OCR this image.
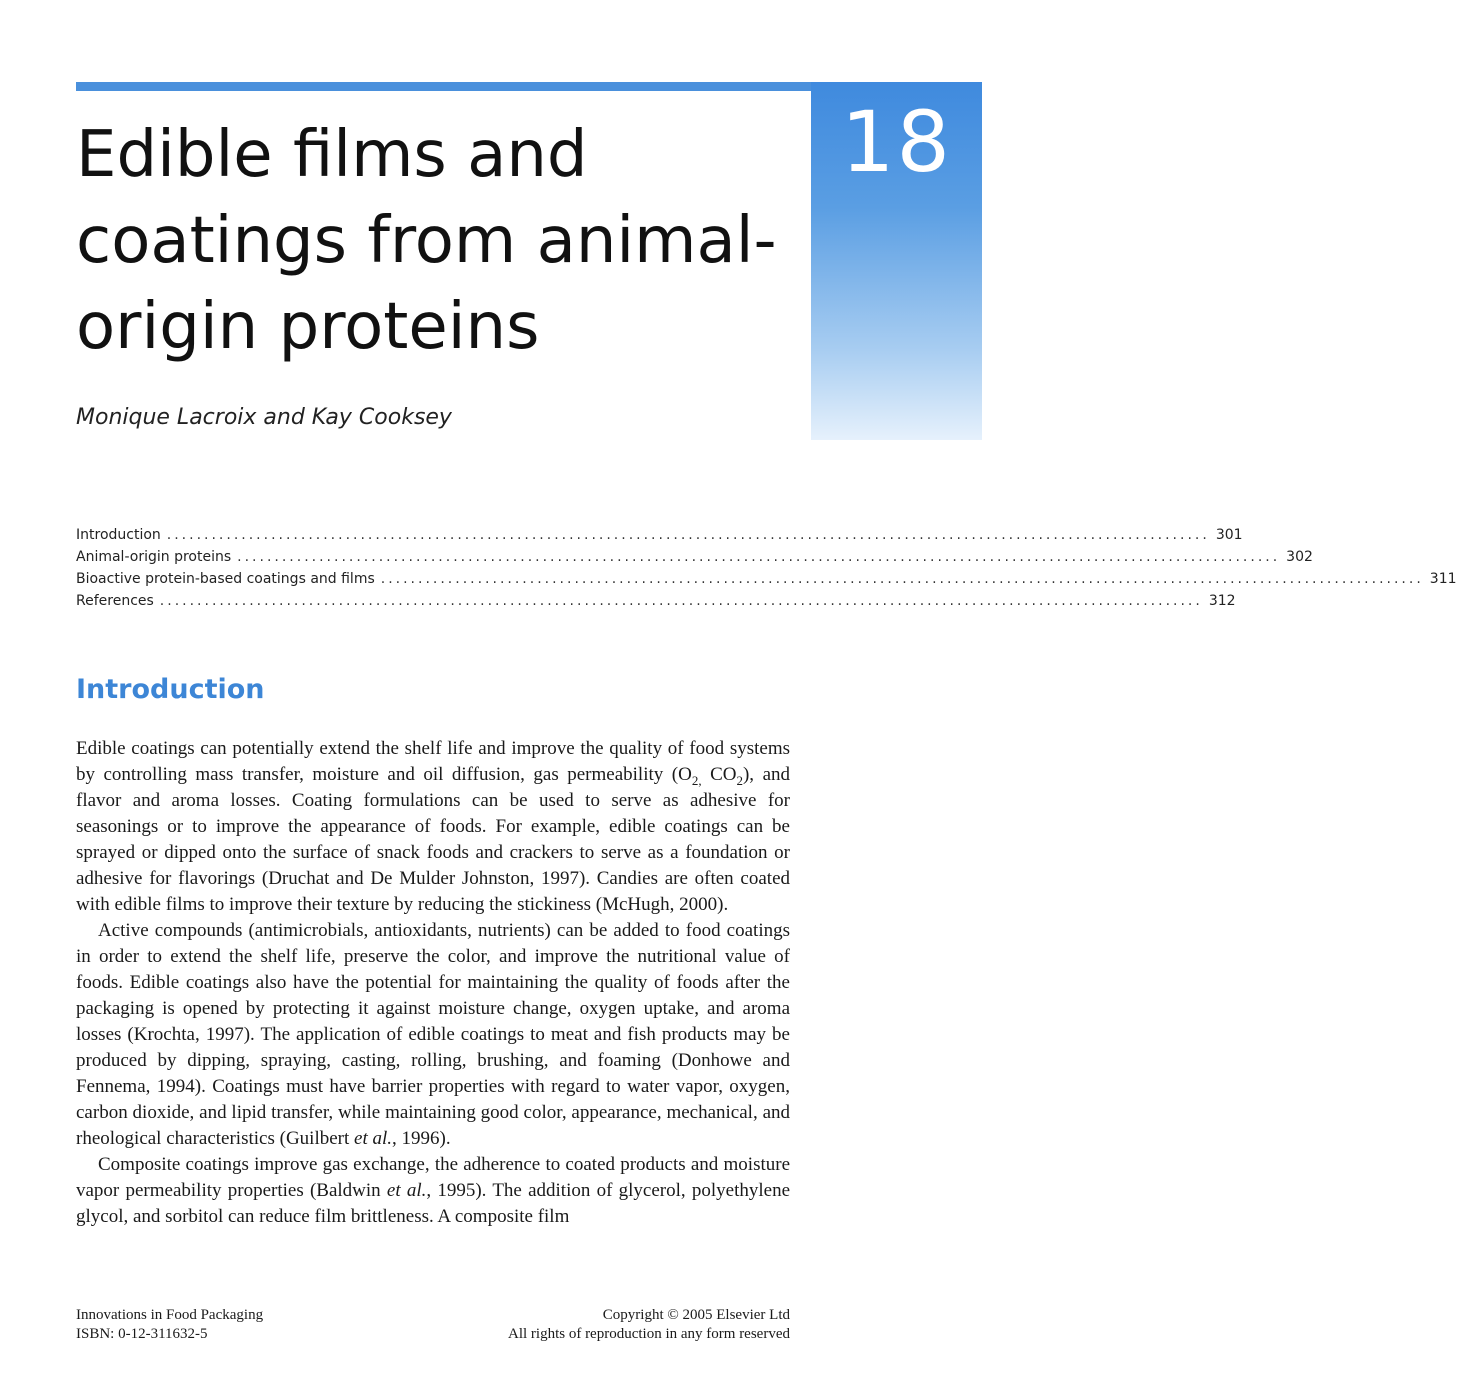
18
Edible films and
coatings from animal-
origin proteins
Monique Lacroix and Kay Cooksey
Introduction ............................................................................................................................................ 301
Animal-origin proteins ............................................................................................................................................ 302
Bioactive protein-based coatings and films ............................................................................................................................................ 311
References ............................................................................................................................................ 312
Introduction

Edible coatings can potentially extend the shelf life and improve the quality of food systems by controlling mass transfer, moisture and oil diffusion, gas permeability ($O_{2,}$ $CO_2$), and flavor and aroma losses. Coating formulations can be used to serve as adhesive for seasonings or to improve the appearance of foods. For example, edible coatings can be sprayed or dipped onto the surface of snack foods and crackers to serve as a foundation or adhesive for flavorings (Druchat and De Mulder Johnston, 1997). Candies are often coated with edible films to improve their texture by reducing the stickiness (McHugh, 2000).

Active compounds (antimicrobials, antioxidants, nutrients) can be added to food coatings in order to extend the shelf life, preserve the color, and improve the nutritional value of foods. Edible coatings also have the potential for maintaining the quality of foods after the packaging is opened by protecting it against moisture change, oxygen uptake, and aroma losses (Krochta, 1997). The application of edible coatings to meat and fish products may be produced by dipping, spraying, casting, rolling, brushing, and foaming (Donhowe and Fennema, 1994). Coatings must have barrier properties with regard to water vapor, oxygen, carbon dioxide, and lipid transfer, while maintaining good color, appearance, mechanical, and rheological characteristics (Guilbert et al., 1996).

Composite coatings improve gas exchange, the adherence to coated products and moisture vapor permeability properties (Baldwin et al., 1995). The addition of glycerol, polyethylene glycol, and sorbitol can reduce film brittleness. A composite film

Innovations in Food Packaging
ISBN: 0-12-311632-5
Copyright © 2005 Elsevier Ltd
All rights of reproduction in any form reserved
